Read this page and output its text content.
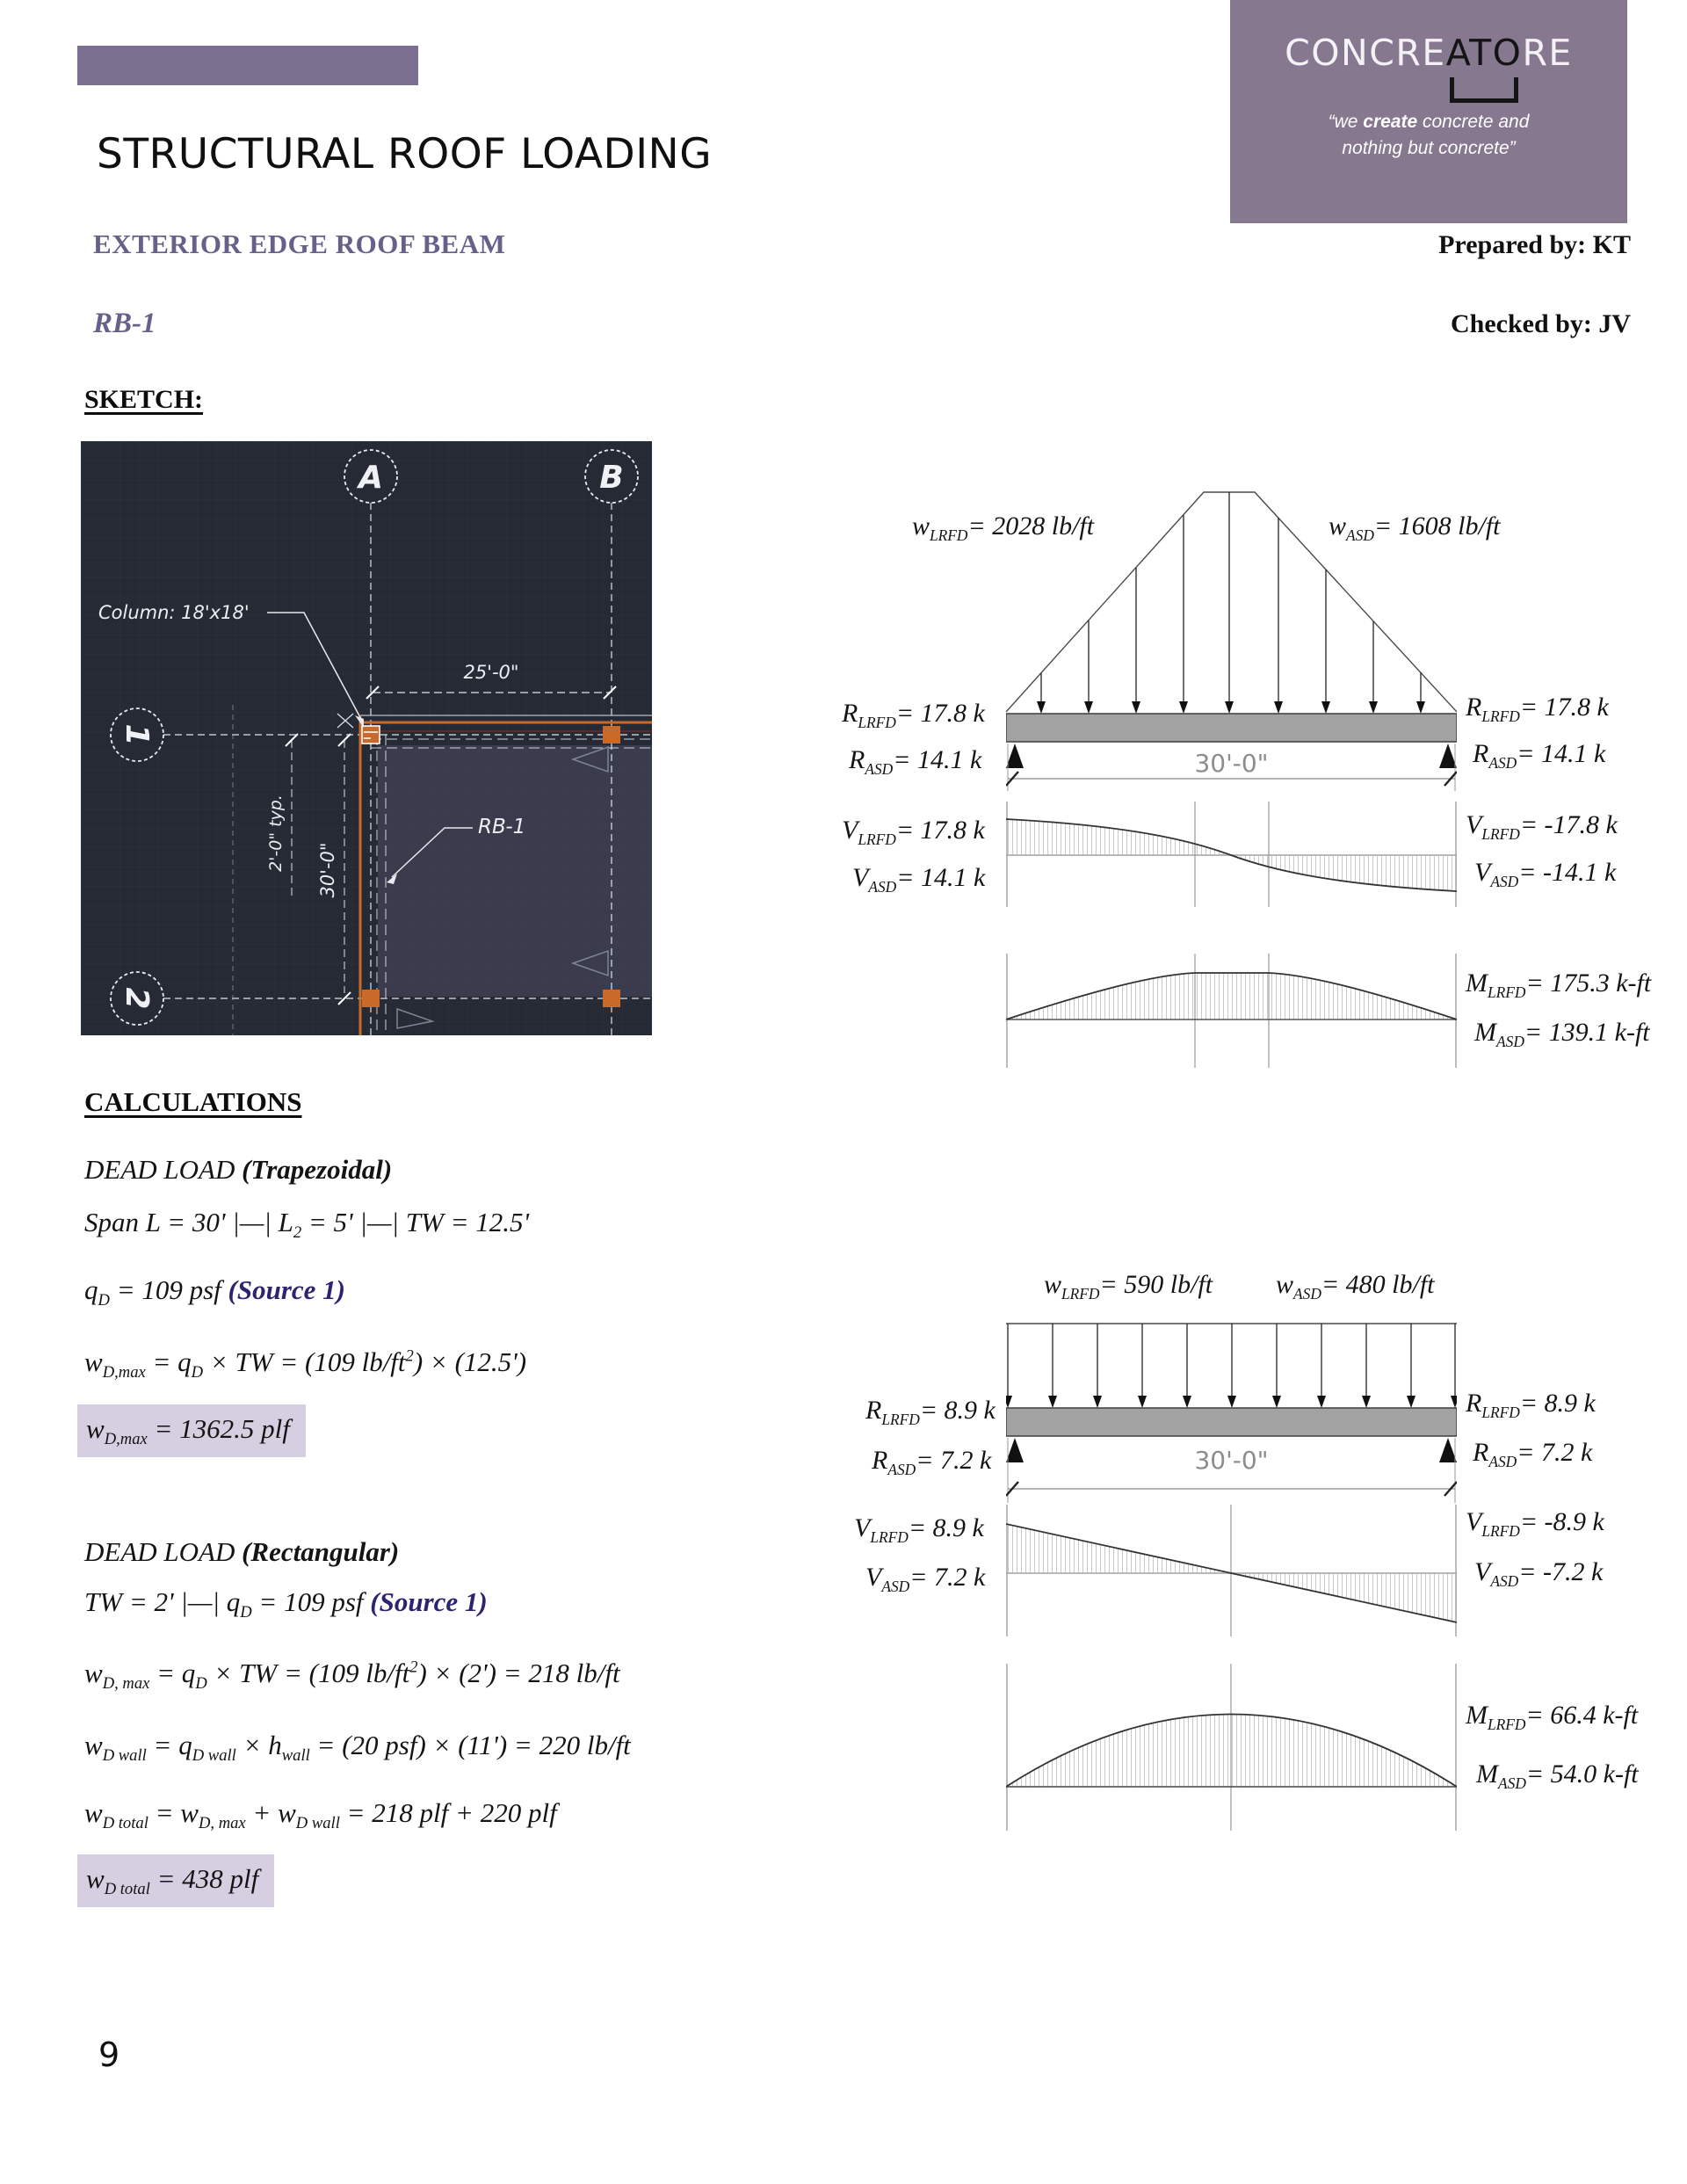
CONCREATO
RE
“we create concrete and
nothing but concrete”
STRUCTURAL ROOF LOADING
EXTERIOR EDGE ROOF BEAM	Prepared by: KT
RB-1	Checked by: JV
SKETCH:
A	B
1
2
Column: 18'x18'
25'-0"
2'-0" typ. 30'-0"
RB-1
$w_{LRFD}= 2028$ lb/ft	$w_{ASD}= 1608$ lb/ft
$R_{LRFD}= 17.8$ k
$R_{ASD}= 14.1$ k
$R_{LRFD}= 17.8$ k
$R_{ASD}= 14.1$ k
30'-0"
$V_{LRFD}= 17.8$ k
$V_{ASD}= 14.1$ k
$V_{LRFD}= -17.8$ k
$V_{ASD}= -14.1$ k
$M_{LRFD}= 175.3$ k-ft
$M_{ASD}= 139.1$ k-ft
$w_{LRFD}= 590$ lb/ft $w_{ASD}= 480$ lb/ft
$R_{LRFD}= 8.9$ k
$R_{ASD}= 7.2$ k
$R_{LRFD}= 8.9$ k
$R_{ASD}= 7.2$ k
30'-0"
$V_{LRFD}= 8.9$ k
$V_{ASD}= 7.2$ k
$V_{LRFD}= -8.9$ k
$V_{ASD}= -7.2$ k
$M_{LRFD}= 66.4$ k-ft
$M_{ASD}= 54.0$ k-ft
CALCULATIONS
DEAD LOAD (Trapezoidal)
Span L = 30' |—| $L_2 = 5'$ |—| TW = 12.5'
$q_D = 109$ psf (Source 1)
$w_{D,max} = q_D$ × TW = (109 $lb/ft^2) \times (12.5')$
$w_{D,max} = 1362.5$ plf
DEAD LOAD (Rectangular)
TW = 2' |—| $q_D = 109$ psf (Source 1)
$w_{D, max} = q_D$ × TW = (109 $lb/ft^2) \times (2') = 218$ lb/ft
$w_{D wall} = q_{D wall} \times h_{wall} = (20$ psf) × (11') = 220 lb/ft
$w_{D total} = w_{D, max} + w_{D wall} = 218$ plf + 220 plf
$w_{D total} = 438$ plf
9
